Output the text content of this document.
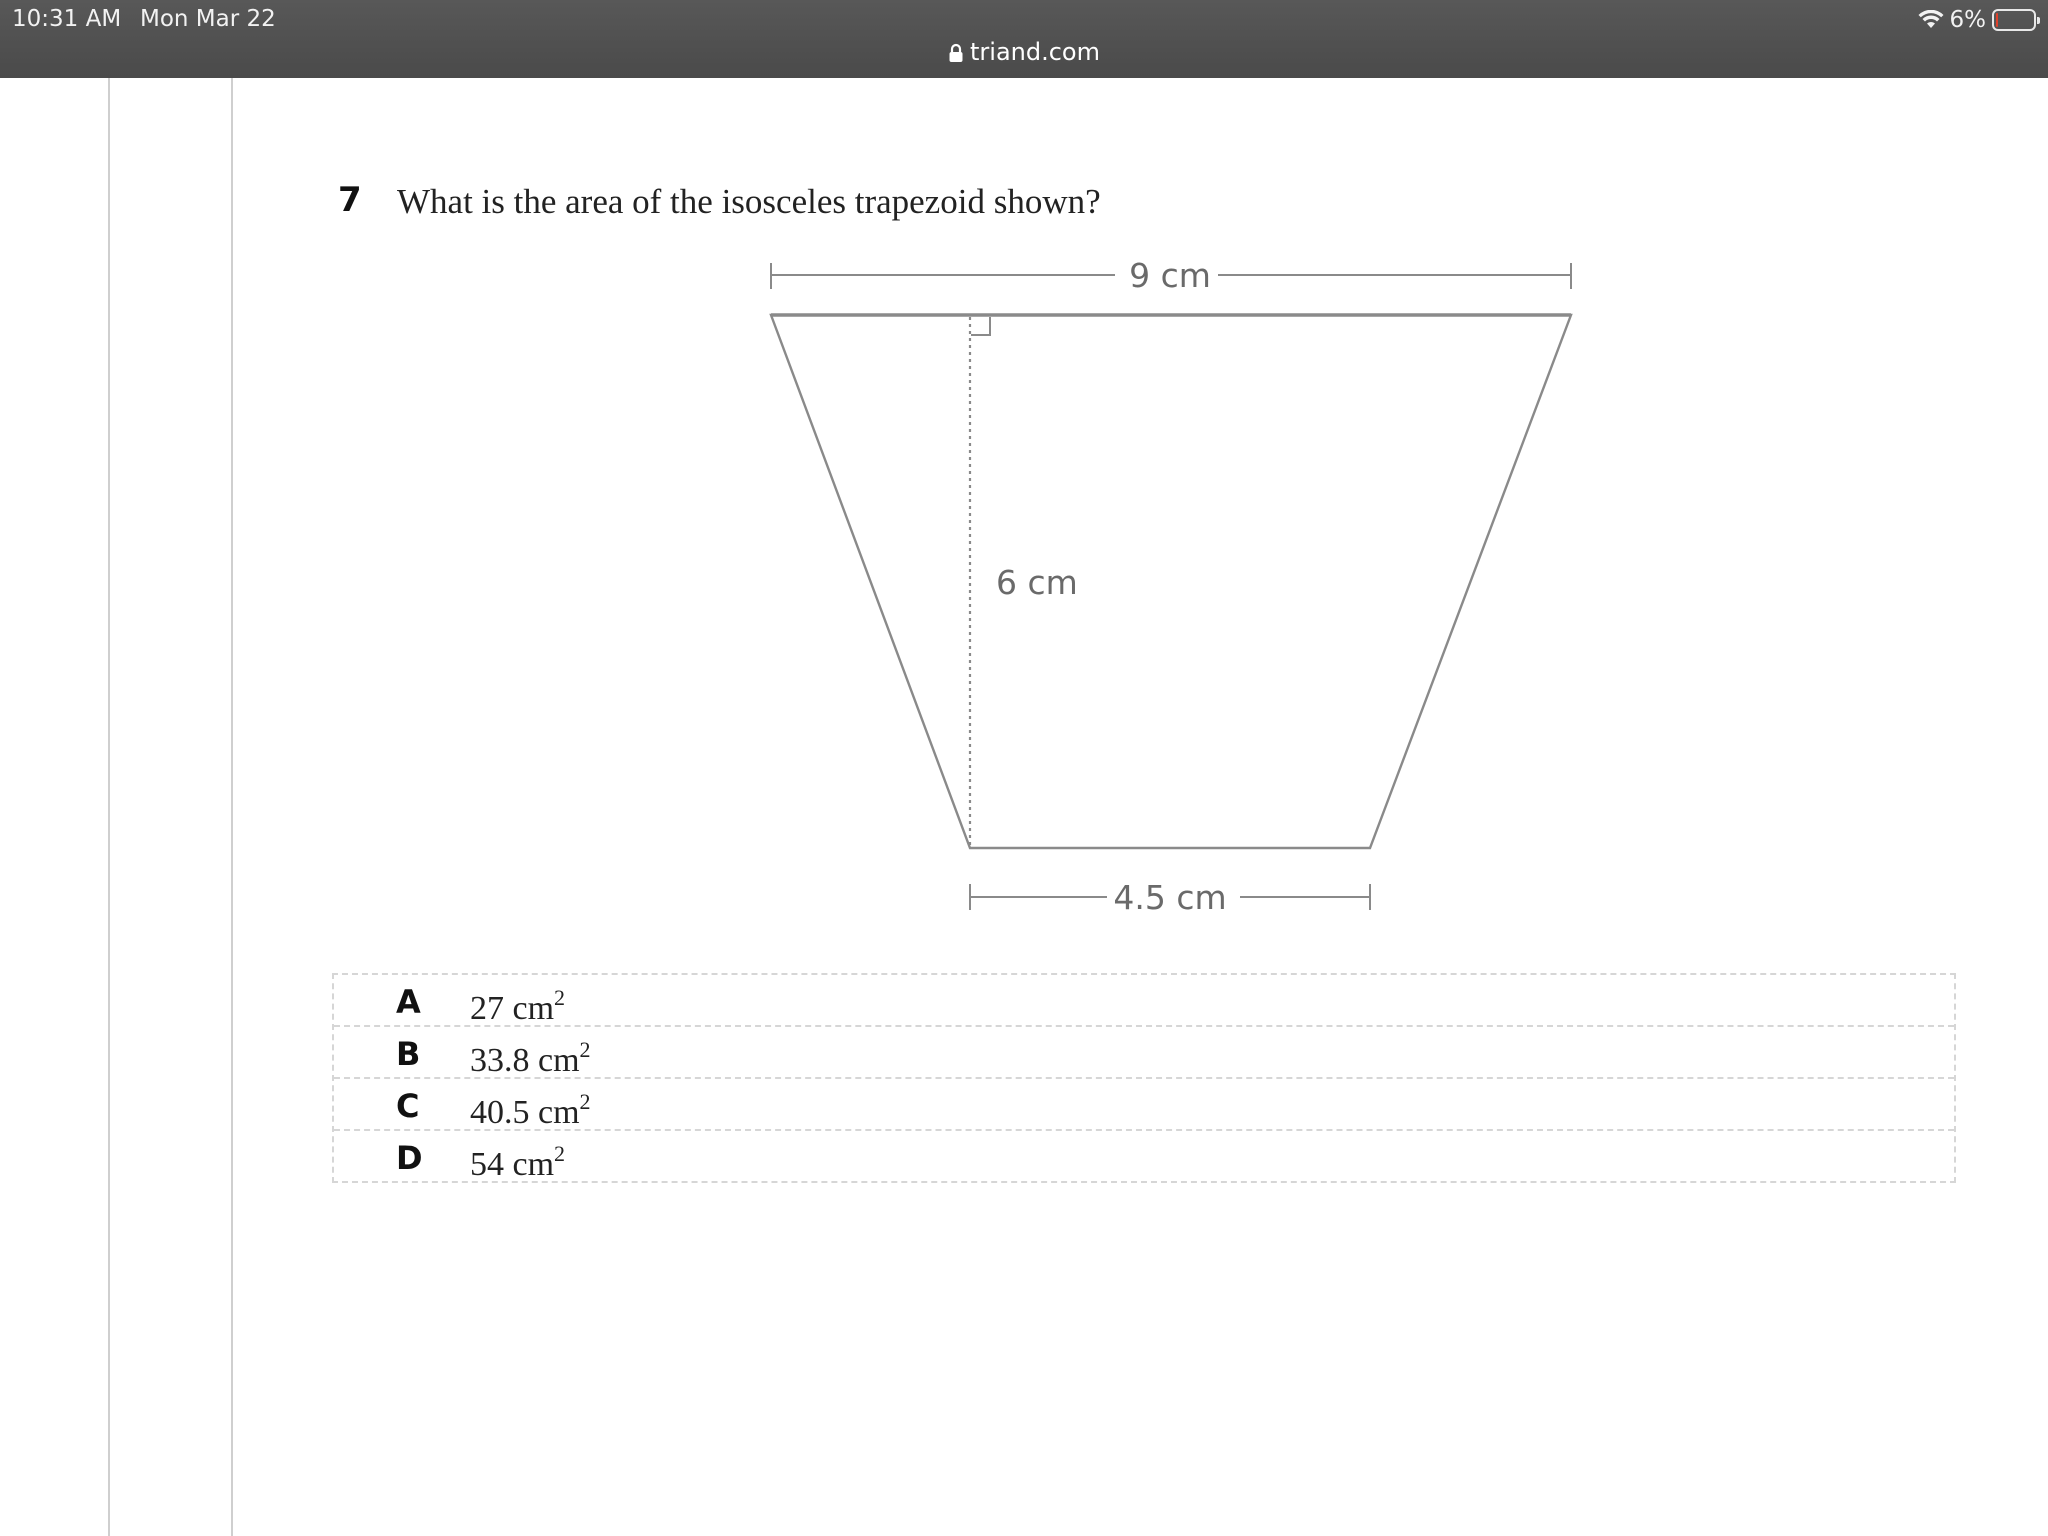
10:31 AM Mon Mar 22	6%
triand.com
7 What is the area of the isosceles trapezoid shown?
9 cm
6 cm
4.5 cm
A 27 $cm^2$
B 33.8 $cm^2$
C 40.5 $cm^2$
D 54 $cm^2$
